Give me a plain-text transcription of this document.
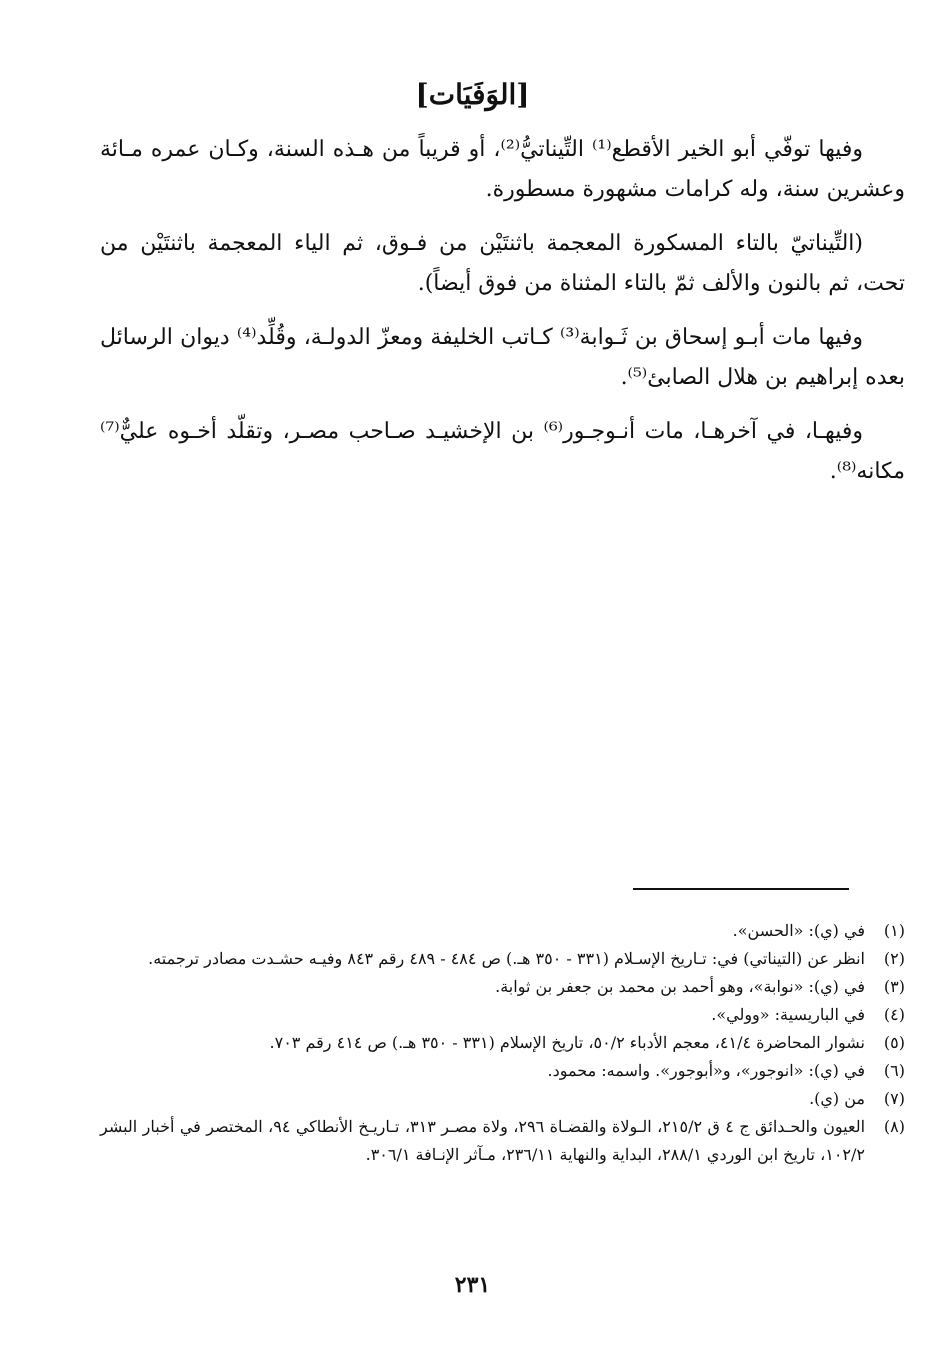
[الوَفَيَات]

وفيها توفّي أبو الخير الأقطع⁽¹⁾ التِّيناتيُّ⁽²⁾، أو قريباً من هـذه السنة، وكـان عمره مـائة وعشرين سنة، وله كرامات مشهورة مسطورة.

(التِّيناتيّ بالتاء المسكورة المعجمة باثنتَيْن من فـوق، ثم الياء المعجمة باثنتَيْن من تحت، ثم بالنون والألف ثمّ بالتاء المثناة من فوق أيضاً).

وفيها مات أبـو إسحاق بن ثَـوابة⁽³⁾ كـاتب الخليفة ومعزّ الدولـة، وقُلِّد⁽⁴⁾ ديوان الرسائل بعده إبراهيم بن هلال الصابئ⁽⁵⁾.

وفيهـا، في آخرهـا، مات أنـوجـور⁽⁶⁾ بن الإخشيـد صـاحب مصـر، وتقلّد أخـوه عليٌّ⁽⁷⁾ مكانه⁽⁸⁾.

(١)
في (ي): «الحسن».
(٢)
انظر عن (التيناتي) في: تـاريخ الإسـلام (٣٣١ - ٣٥٠ هـ.) ص ٤٨٤ - ٤٨٩ رقم ٨٤٣ وفيـه حشـدت مصادر ترجمته.
(٣)
في (ي): «نوابة»، وهو أحمد بن محمد بن جعفر بن ثوابة.
(٤)
في الباريسية: «وولي».
(٥)
نشوار المحاضرة ٤١/٤، معجم الأدباء ٥٠/٢، تاريخ الإسلام (٣٣١ - ٣٥٠ هـ.) ص ٤١٤ رقم ٧٠٣.
(٦)
في (ي): «انوجور»، و«أبوجور». واسمه: محمود.
(٧)
من (ي).
(٨)
العيون والحـدائق ج ٤ ق ٢١٥/٢، الـولاة والقضـاة ٢٩٦، ولاة مصـر ٣١٣، تـاريـخ الأنطاكي ٩٤، المختصر في أخبار البشر ١٠٢/٢، تاريخ ابن الوردي ٢٨٨/١، البداية والنهاية ٢٣٦/١١، مـآثر الإنـافة ٣٠٦/١.
٢٣١
